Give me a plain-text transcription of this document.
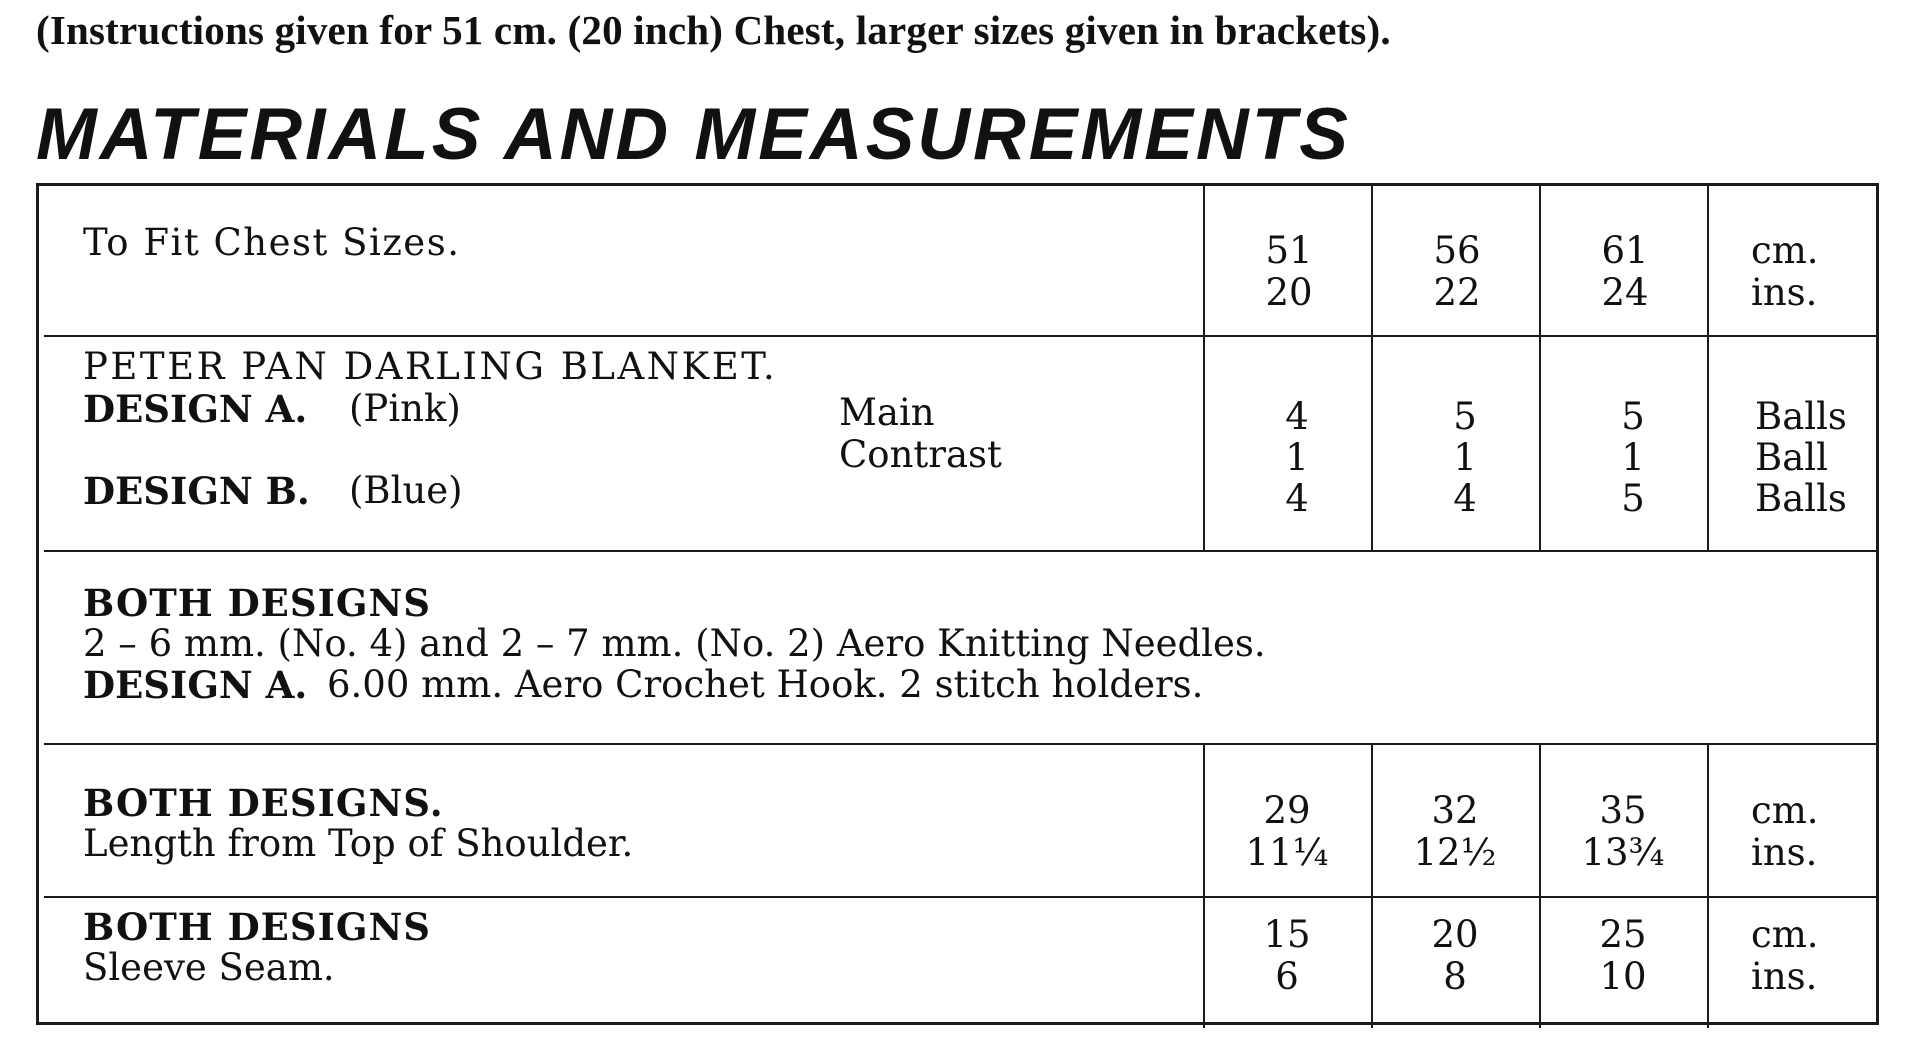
(Instructions given for 51 cm. (20 inch) Chest, larger sizes given in brackets).
MATERIALS AND MEASUREMENTS
To Fit Chest Sizes.	51
20
56
22
61
24
cm.
ins.
PETER PAN DARLING BLANKET.
DESIGN A. (Pink)
DESIGN B. (Blue)
Main
Contrast
4
1
4
5
1
4
5
1
5
Balls
Ball
Balls
BOTH DESIGNS
2 – 6 mm. (No. 4) and 2 – 7 mm. (No. 2) Aero Knitting Needles.
DESIGN A. 6.00 mm. Aero Crochet Hook. 2 stitch holders.
BOTH DESIGNS.
Length from Top of Shoulder.
29
11¼
32
12½
35
13¾
cm.
ins.
BOTH DESIGNS
Sleeve Seam.
15
6
20
8
25
10
cm.
ins.
